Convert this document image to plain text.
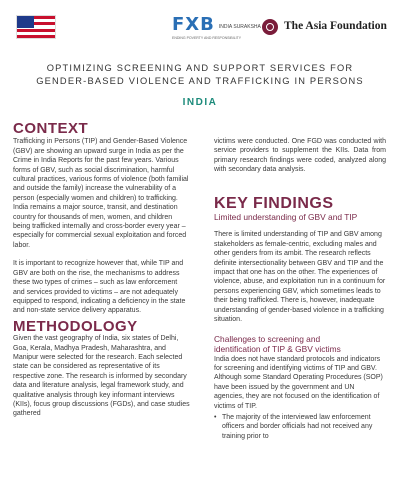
FXB INDIA SURAKSHA
ENDING POVERTY AND RESPONSIBILITY
The Asia Foundation
OPTIMIZING SCREENING AND SUPPORT SERVICES FOR
GENDER-BASED VIOLENCE AND TRAFFICKING IN PERSONS
INDIA
CONTEXT

Trafficking in Persons (TIP) and Gender-Based Violence (GBV) are showing an upward surge in India as per the Crime in India Reports for the past few years. Various forms of GBV, such as social discrimination, harmful cultural practices, various forms of violence (both familial and outside the family) increase the vulnerability of a person (especially women and children) to trafficking. India remains a major source, transit, and destination country for thousands of men, women, and children being trafficked internally and cross-border every year – especially for commercial sexual exploitation and forced labor.

It is important to recognize however that, while TIP and GBV are both on the rise, the mechanisms to address these two types of crimes – such as law enforcement and services provided to victims – are not adequately equipped to respond, indicating a deficiency in the state and non-state service delivery apparatus.

METHODOLOGY

Given the vast geography of India, six states of Delhi, Goa, Kerala, Madhya Pradesh, Maharashtra, and Manipur were selected for the research. Each selected state can be considered as representative of its respective zone. The research is informed by secondary data and literature analysis, legal framework study, and qualitative analysis through key informant interviews (KIIs), focus group discussions (FGDs), and case studies gathered

victims were conducted. One FGD was conducted with service providers to supplement the KIIs. Data from primary research findings were coded, analyzed along with secondary data analysis.

KEY FINDINGS
Limited understanding of GBV and TIP

There is limited understanding of TIP and GBV among stakeholders as female-centric, excluding males and other genders from its ambit. The research reflects definite intersectionality between GBV and TIP and the impact that one has on the other. The experiences of violence, abuse, and exploitation run in a continuum for persons experiencing GBV, which sometimes leads to their being trafficked. There is, however, inadequate understanding of gender-based violence in a trafficking situation.

Challenges to screening and
identification of TIP & GBV victims

India does not have standard protocols and indicators for screening and identifying victims of TIP and GBV. Although some Standard Operating Procedures (SOP) have been issued by the government and UN agencies, they are not focused on the identification of victims of TIP.

• The majority of the interviewed law enforcement officers and border officials had not received any training prior to
